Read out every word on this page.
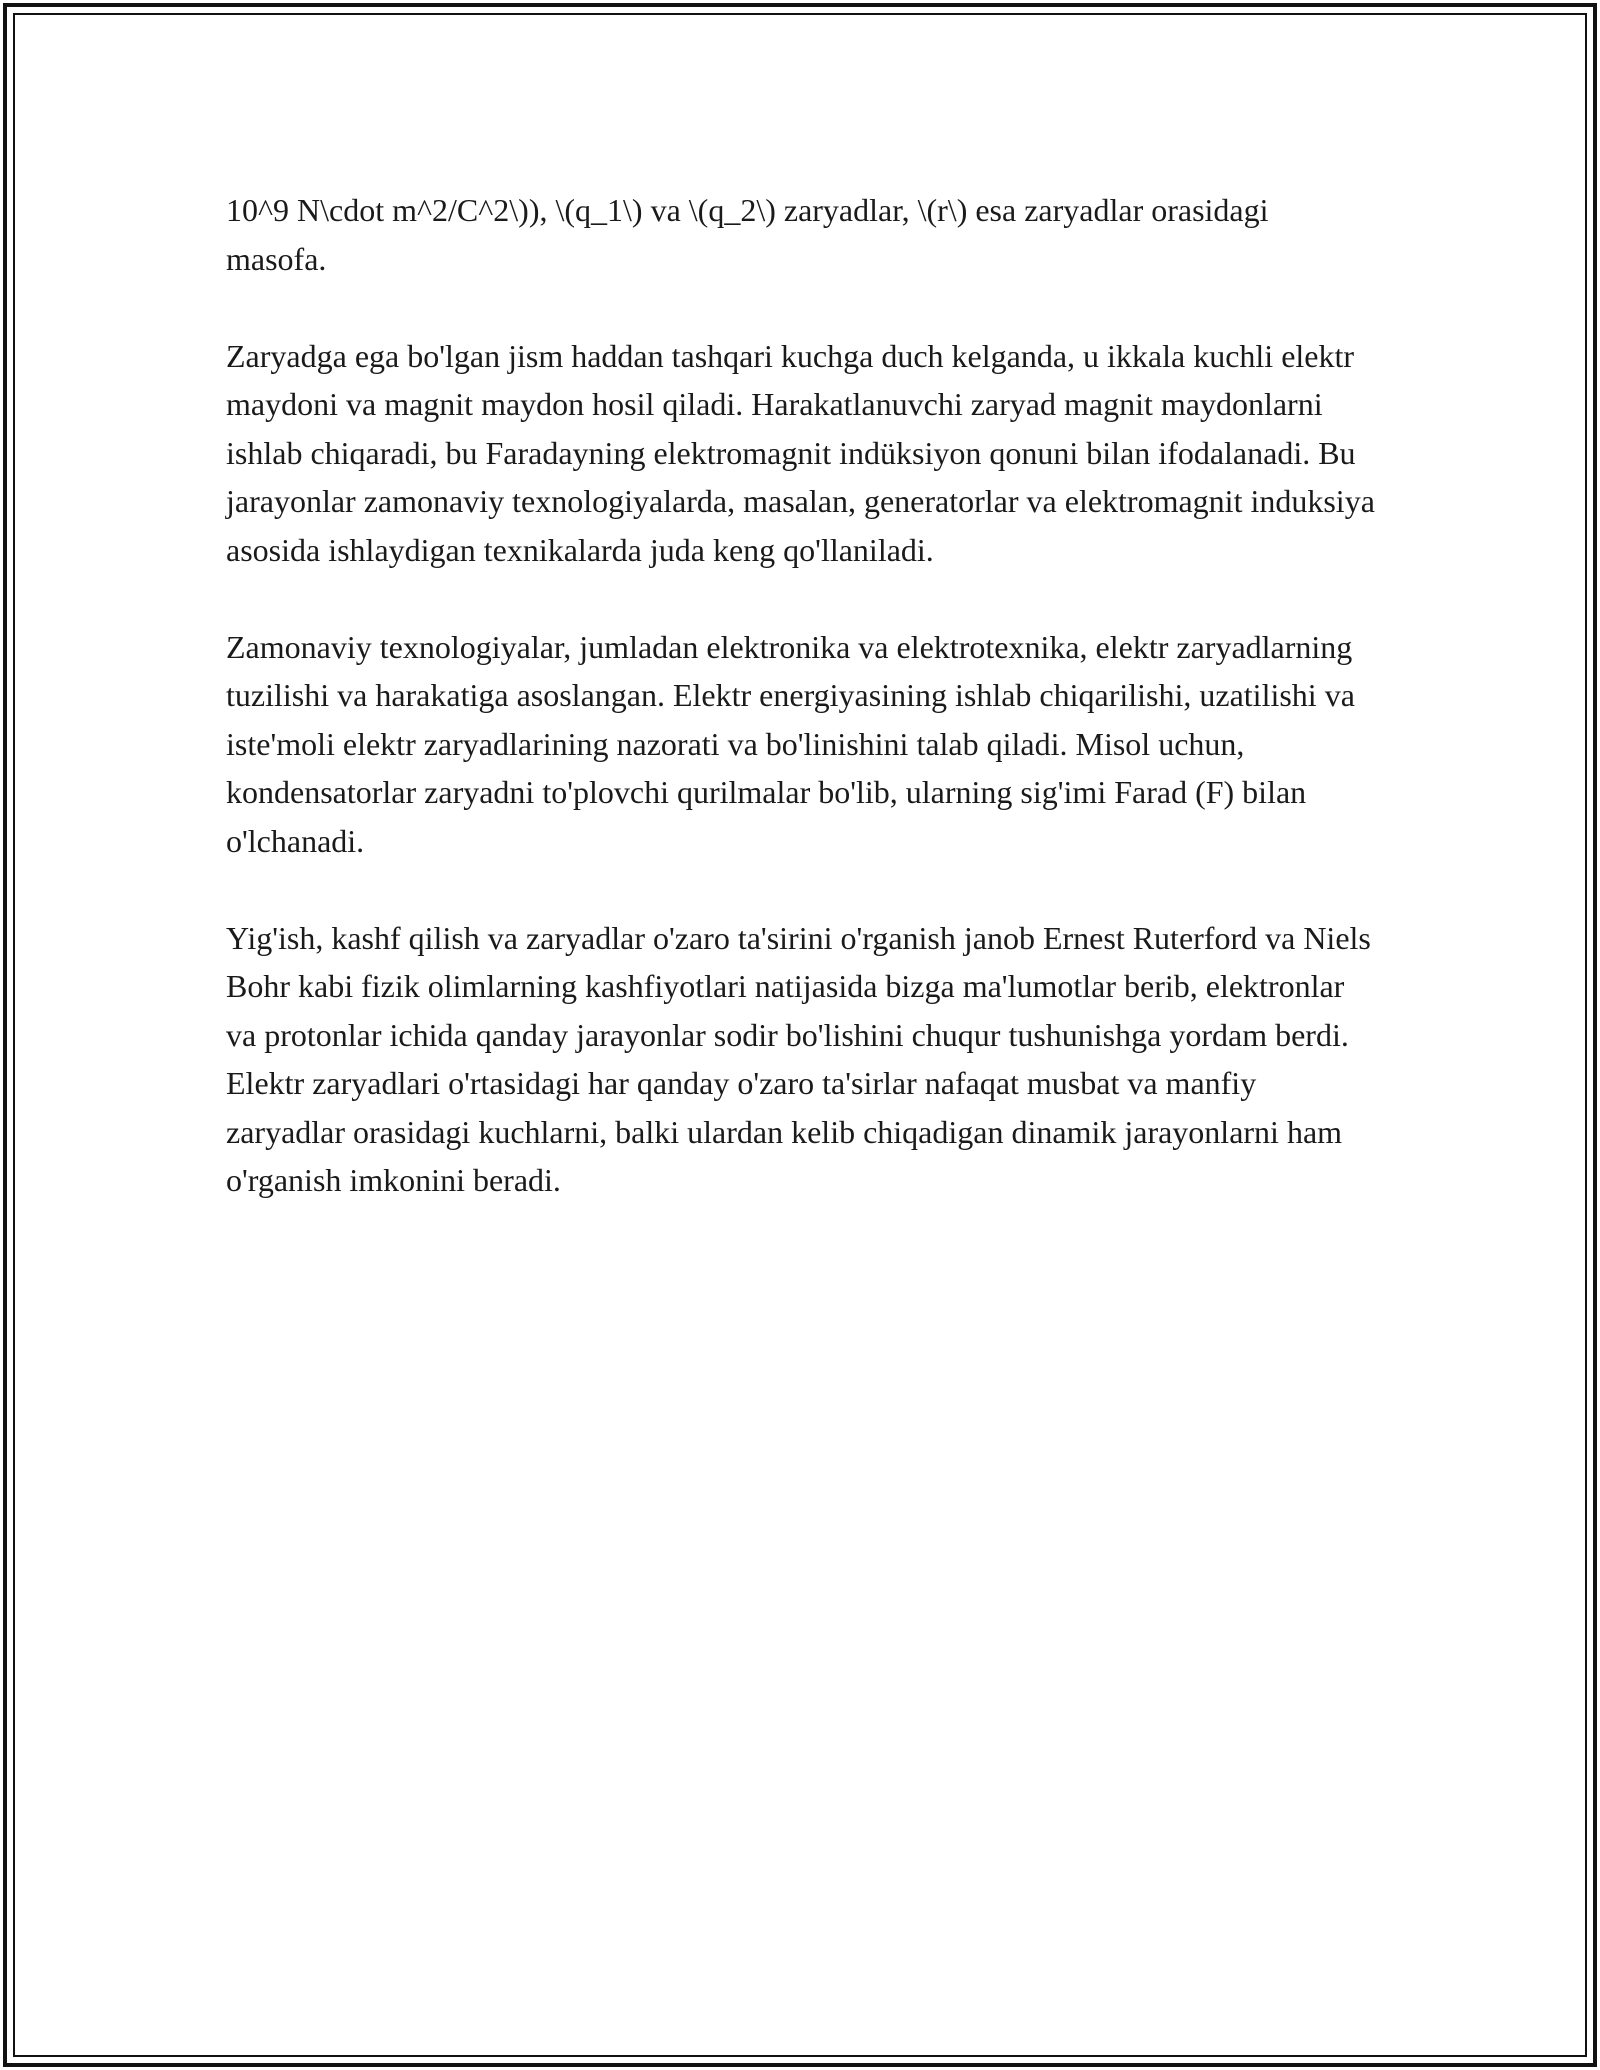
10^9 N\cdot m^2/C^2\)), \(q_1\) va \(q_2\) zaryadlar, \(r\) esa zaryadlar orasidagi masofa.

Zaryadga ega bo'lgan jism haddan tashqari kuchga duch kelganda, u ikkala kuchli elektr maydoni va magnit maydon hosil qiladi. Harakatlanuvchi zaryad magnit maydonlarni ishlab chiqaradi, bu Faradayning elektromagnit indüksiyon qonuni bilan ifodalanadi. Bu jarayonlar zamonaviy texnologiyalarda, masalan, generatorlar va elektromagnit induksiya asosida ishlaydigan texnikalarda juda keng qo'llaniladi.

Zamonaviy texnologiyalar, jumladan elektronika va elektrotexnika, elektr zaryadlarning tuzilishi va harakatiga asoslangan. Elektr energiyasining ishlab chiqarilishi, uzatilishi va iste'moli elektr zaryadlarining nazorati va bo'linishini talab qiladi. Misol uchun, kondensatorlar zaryadni to'plovchi qurilmalar bo'lib, ularning sig'imi Farad (F) bilan o'lchanadi.

Yig'ish, kashf qilish va zaryadlar o'zaro ta'sirini o'rganish janob Ernest Ruterford va Niels Bohr kabi fizik olimlarning kashfiyotlari natijasida bizga ma'lumotlar berib, elektronlar va protonlar ichida qanday jarayonlar sodir bo'lishini chuqur tushunishga yordam berdi. Elektr zaryadlari o'rtasidagi har qanday o'zaro ta'sirlar nafaqat musbat va manfiy zaryadlar orasidagi kuchlarni, balki ulardan kelib chiqadigan dinamik jarayonlarni ham o'rganish imkonini beradi.
